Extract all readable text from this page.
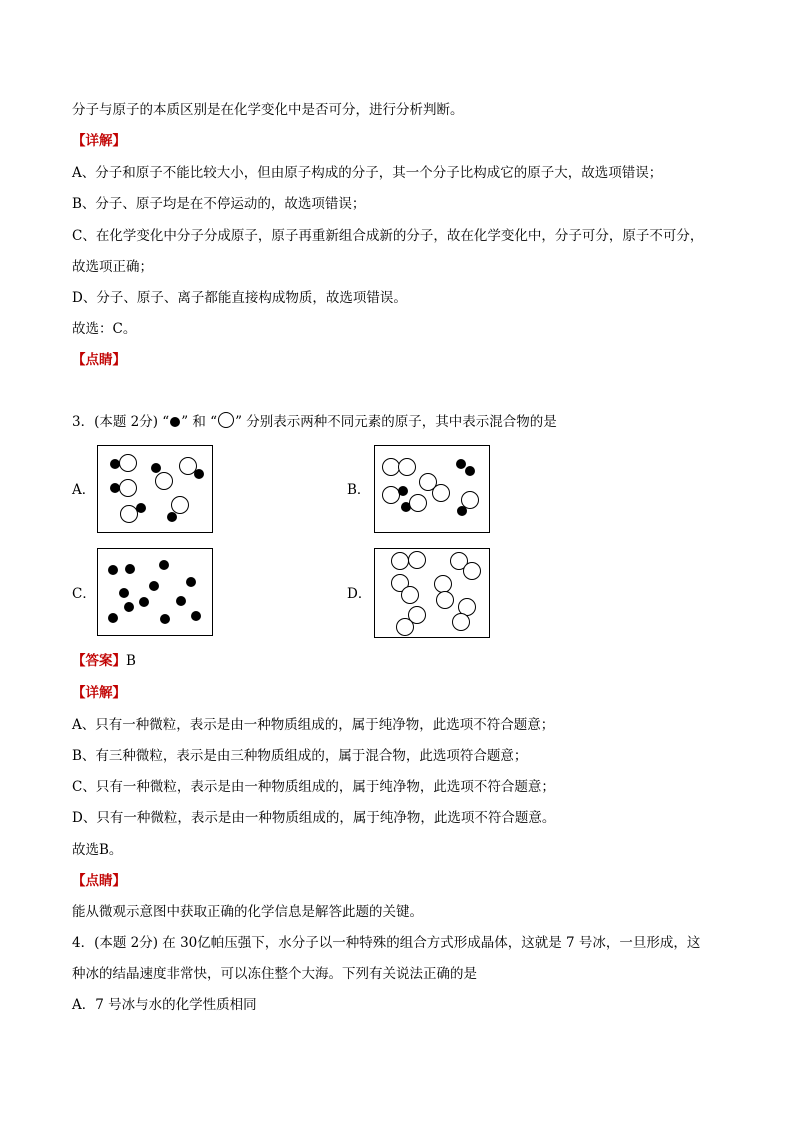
分子与原子的本质区别是在化学变化中是否可分，进行分析判断。
【详解】
A、分子和原子不能比较大小，但由原子构成的分子，其一个分子比构成它的原子大，故选项错误；
B、分子、原子均是在不停运动的，故选项错误；
C、在化学变化中分子分成原子，原子再重新组合成新的分子，故在化学变化中，分子可分，原子不可分，
故选项正确；
D、分子、原子、离子都能直接构成物质，故选项错误。
故选：C。
【点睛】
3．(本题 2分) “ ” 和 “ ” 分别表示两种不同元素的原子，其中表示混合物的是
A．	B．
C．	D．
【答案】B
【详解】
A、只有一种微粒，表示是由一种物质组成的，属于纯净物，此选项不符合题意；
B、有三种微粒，表示是由三种物质组成的，属于混合物，此选项符合题意；
C、只有一种微粒，表示是由一种物质组成的，属于纯净物，此选项不符合题意；
D、只有一种微粒，表示是由一种物质组成的，属于纯净物，此选项不符合题意。
故选B。
【点睛】
能从微观示意图中获取正确的化学信息是解答此题的关键。
4．(本题 2分) 在 30亿帕压强下，水分子以一种特殊的组合方式形成晶体，这就是 7 号冰，一旦形成，这
种冰的结晶速度非常快，可以冻住整个大海。下列有关说法正确的是
A．7 号冰与水的化学性质相同
